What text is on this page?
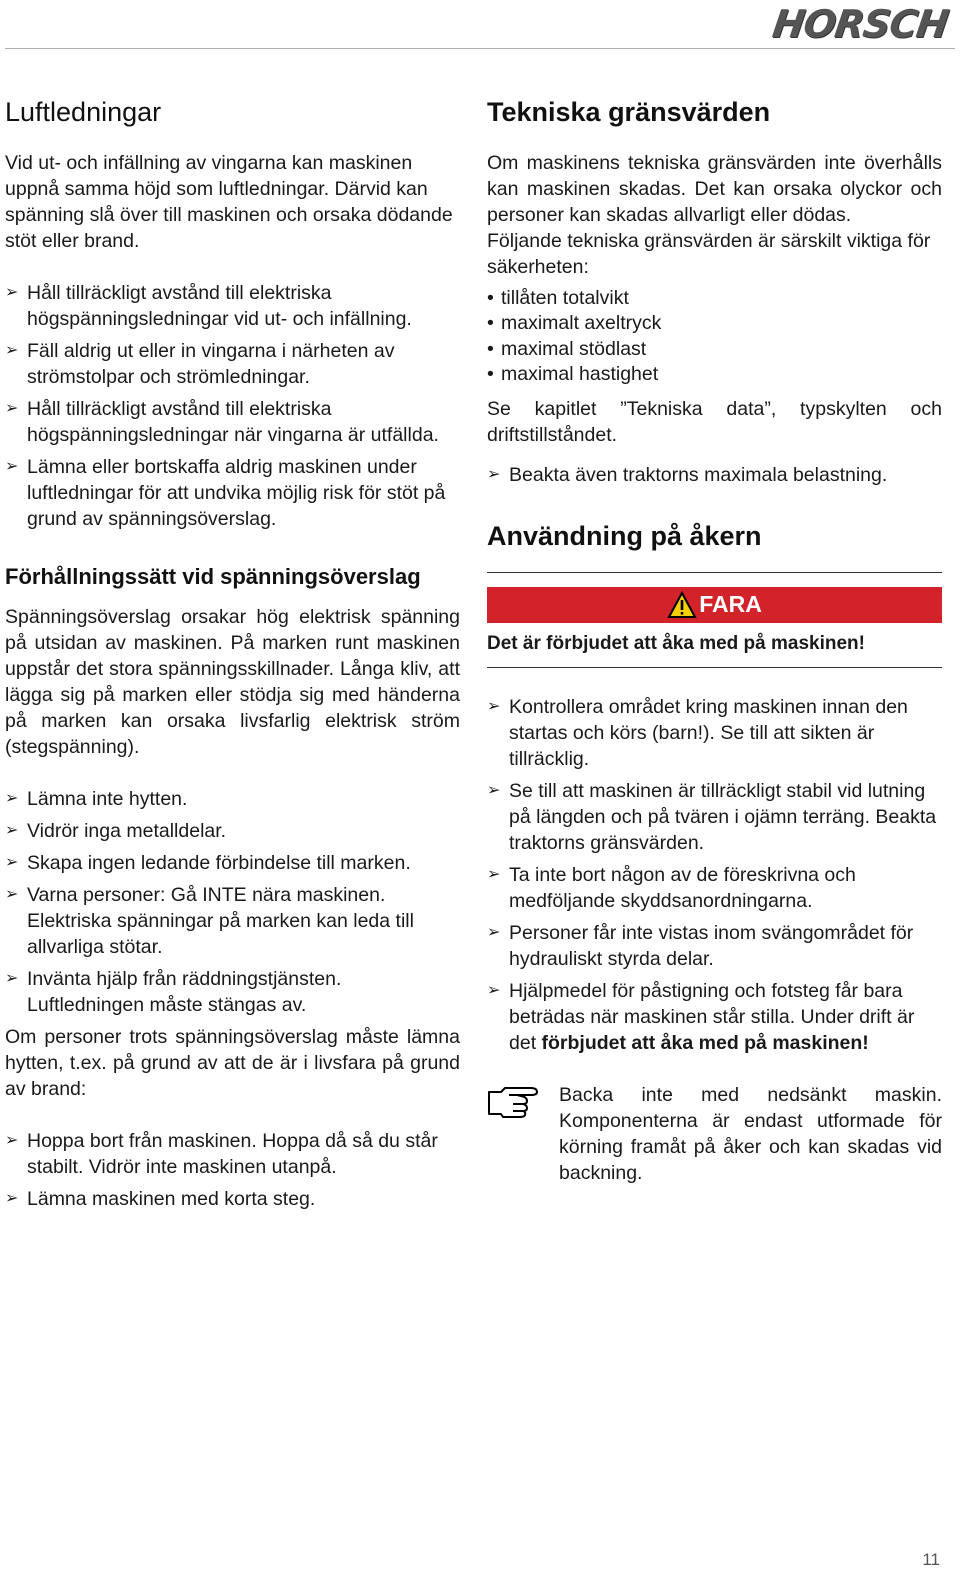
HORSCH
Luftledningar

Vid ut- och infällning av vingarna kan maskinen uppnå samma höjd som luftledningar. Därvid kan spänning slå över till maskinen och orsaka dödande stöt eller brand.

➢ Håll tillräckligt avstånd till elektriska högspänningsledningar vid ut- och infällning.
➢ Fäll aldrig ut eller in vingarna i närheten av strömstolpar och strömledningar.
➢ Håll tillräckligt avstånd till elektriska högspänningsledningar när vingarna är utfällda.
➢ Lämna eller bortskaffa aldrig maskinen under luftledningar för att undvika möjlig risk för stöt på grund av spänningsöverslag.
Förhållningssätt vid spänningsöverslag

Spänningsöverslag orsakar hög elektrisk spänning på utsidan av maskinen. På marken runt maskinen uppstår det stora spänningsskillnader. Långa kliv, att lägga sig på marken eller stödja sig med händerna på marken kan orsaka livsfarlig elektrisk ström (stegspänning).

➢ Lämna inte hytten.
➢ Vidrör inga metalldelar.
➢ Skapa ingen ledande förbindelse till marken.
➢ Varna personer: Gå INTE nära maskinen. Elektriska spänningar på marken kan leda till allvarliga stötar.
➢ Invänta hjälp från räddningstjänsten. Luftledningen måste stängas av.

Om personer trots spänningsöverslag måste lämna hytten, t.ex. på grund av att de är i livsfara på grund av brand:

➢ Hoppa bort från maskinen. Hoppa då så du står stabilt. Vidrör inte maskinen utanpå.
➢ Lämna maskinen med korta steg.
Tekniska gränsvärden

Om maskinens tekniska gränsvärden inte överhålls kan maskinen skadas. Det kan orsaka olyckor och personer kan skadas allvarligt eller dödas.

Följande tekniska gränsvärden är särskilt viktiga för säkerheten:

• tillåten totalvikt
• maximalt axeltryck
• maximal stödlast
• maximal hastighet

Se kapitlet ”Tekniska data”, typskylten och driftstillståndet.

➢ Beakta även traktorns maximala belastning.
Användning på åkern
FARA
Det är förbjudet att åka med på maskinen!
➢ Kontrollera området kring maskinen innan den startas och körs (barn!). Se till att sikten är tillräcklig.
➢ Se till att maskinen är tillräckligt stabil vid lutning på längden och på tvären i ojämn terräng. Beakta traktorns gränsvärden.
➢ Ta inte bort någon av de föreskrivna och medföljande skyddsanordningarna.
➢ Personer får inte vistas inom svängområdet för hydrauliskt styrda delar.
➢ Hjälpmedel för påstigning och fotsteg får bara beträdas när maskinen står stilla. Under drift är det förbjudet att åka med på maskinen!

Backa inte med nedsänkt maskin. Komponenterna är endast utformade för körning framåt på åker och kan skadas vid backning.

11
